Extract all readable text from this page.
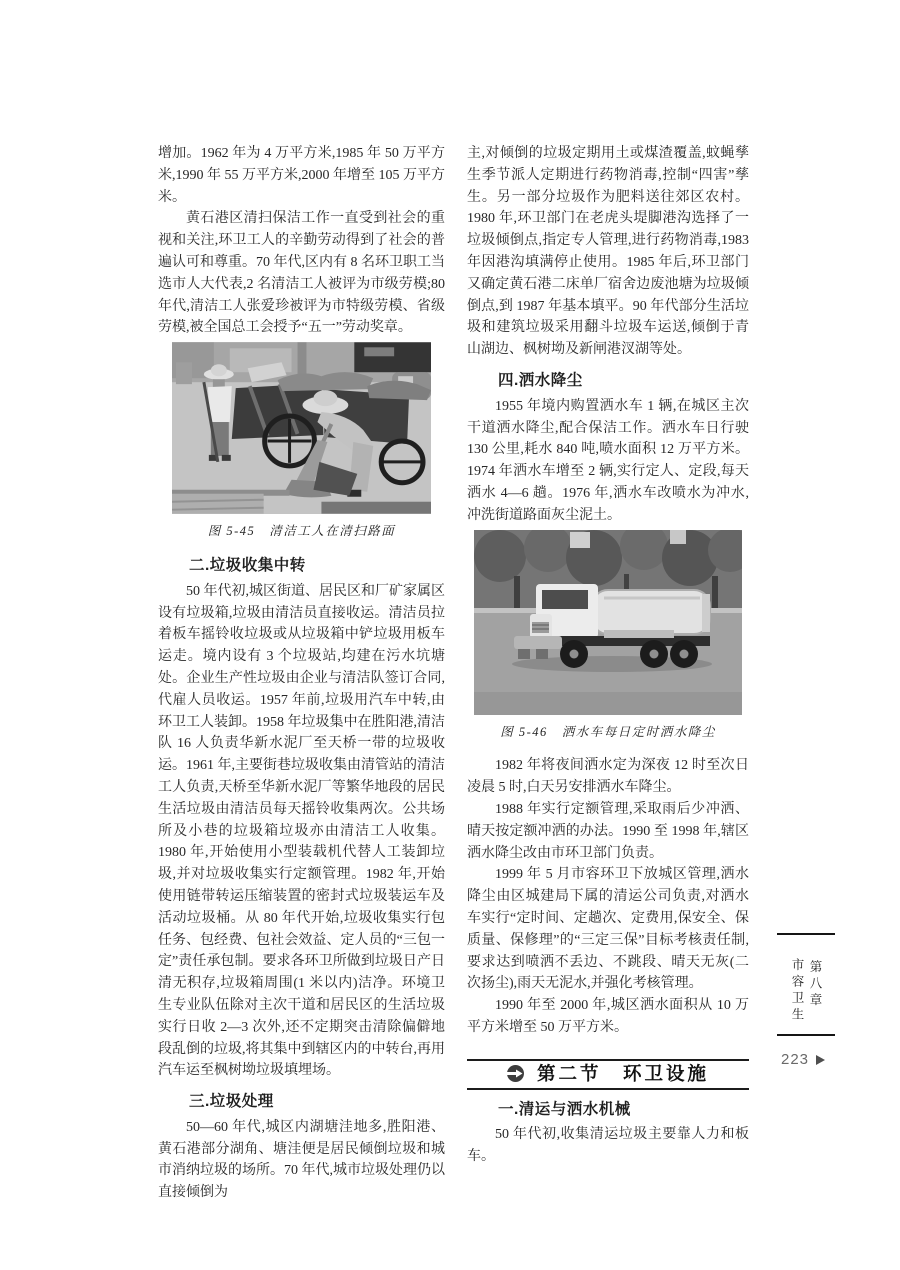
增加。1962 年为 4 万平方米,1985 年 50 万平方米,1990 年 55 万平方米,2000 年增至 105 万平方米。

黄石港区清扫保洁工作一直受到社会的重视和关注,环卫工人的辛勤劳动得到了社会的普遍认可和尊重。70 年代,区内有 8 名环卫职工当选市人大代表,2 名清洁工人被评为市级劳模;80 年代,清洁工人张爱珍被评为市特级劳模、省级劳模,被全国总工会授予“五一”劳动奖章。

图 5-45　清洁工人在清扫路面
二.垃圾收集中转

50 年代初,城区街道、居民区和厂矿家属区设有垃圾箱,垃圾由清洁员直接收运。清洁员拉着板车摇铃收垃圾或从垃圾箱中铲垃圾用板车运走。境内设有 3 个垃圾站,均建在污水坑塘处。企业生产性垃圾由企业与清洁队签订合同,代雇人员收运。1957 年前,垃圾用汽车中转,由环卫工人装卸。1958 年垃圾集中在胜阳港,清洁队 16 人负责华新水泥厂至天桥一带的垃圾收运。1961 年,主要街巷垃圾收集由清管站的清洁工人负责,天桥至华新水泥厂等繁华地段的居民生活垃圾由清洁员每天摇铃收集两次。公共场所及小巷的垃圾箱垃圾亦由清洁工人收集。1980 年,开始使用小型装载机代替人工装卸垃圾,并对垃圾收集实行定额管理。1982 年,开始使用链带转运压缩装置的密封式垃圾装运车及活动垃圾桶。从 80 年代开始,垃圾收集实行包任务、包经费、包社会效益、定人员的“三包一定”责任承包制。要求各环卫所做到垃圾日产日清无积存,垃圾箱周围(1 米以内)洁净。环境卫生专业队伍除对主次干道和居民区的生活垃圾实行日收 2—3 次外,还不定期突击清除偏僻地段乱倒的垃圾,将其集中到辖区内的中转台,再用汽车运至枫树坳垃圾填埋场。

三.垃圾处理

50—60 年代,城区内湖塘洼地多,胜阳港、黄石港部分湖角、塘洼便是居民倾倒垃圾和城市消纳垃圾的场所。70 年代,城市垃圾处理仍以直接倾倒为

主,对倾倒的垃圾定期用土或煤渣覆盖,蚊蝇孳生季节派人定期进行药物消毒,控制“四害”孳生。另一部分垃圾作为肥料送往郊区农村。1980 年,环卫部门在老虎头堤脚港沟选择了一垃圾倾倒点,指定专人管理,进行药物消毒,1983 年因港沟填满停止使用。1985 年后,环卫部门又确定黄石港二床单厂宿舍边废池塘为垃圾倾倒点,到 1987 年基本填平。90 年代部分生活垃圾和建筑垃圾采用翻斗垃圾车运送,倾倒于青山湖边、枫树坳及新闸港汊湖等处。

四.洒水降尘

1955 年境内购置洒水车 1 辆,在城区主次干道洒水降尘,配合保洁工作。洒水车日行驶 130 公里,耗水 840 吨,喷水面积 12 万平方米。1974 年洒水车增至 2 辆,实行定人、定段,每天洒水 4—6 趟。1976 年,洒水车改喷水为冲水,冲洗街道路面灰尘泥土。

图 5-46　洒水车每日定时洒水降尘

1982 年将夜间洒水定为深夜 12 时至次日凌晨 5 时,白天另安排洒水车降尘。

1988 年实行定额管理,采取雨后少冲洒、晴天按定额冲洒的办法。1990 至 1998 年,辖区洒水降尘改由市环卫部门负责。

1999 年 5 月市容环卫下放城区管理,洒水降尘由区城建局下属的清运公司负责,对洒水车实行“定时间、定趟次、定费用,保安全、保质量、保修理”的“三定三保”目标考核责任制,要求达到喷洒不丢边、不跳段、晴天无灰(二次扬尘),雨天无泥水,并强化考核管理。

1990 年至 2000 年,城区洒水面积从 10 万平方米增至 50 万平方米。

第二节　环卫设施
一.清运与洒水机械

50 年代初,收集清运垃圾主要靠人力和板车。

第八章
市容卫生
223
